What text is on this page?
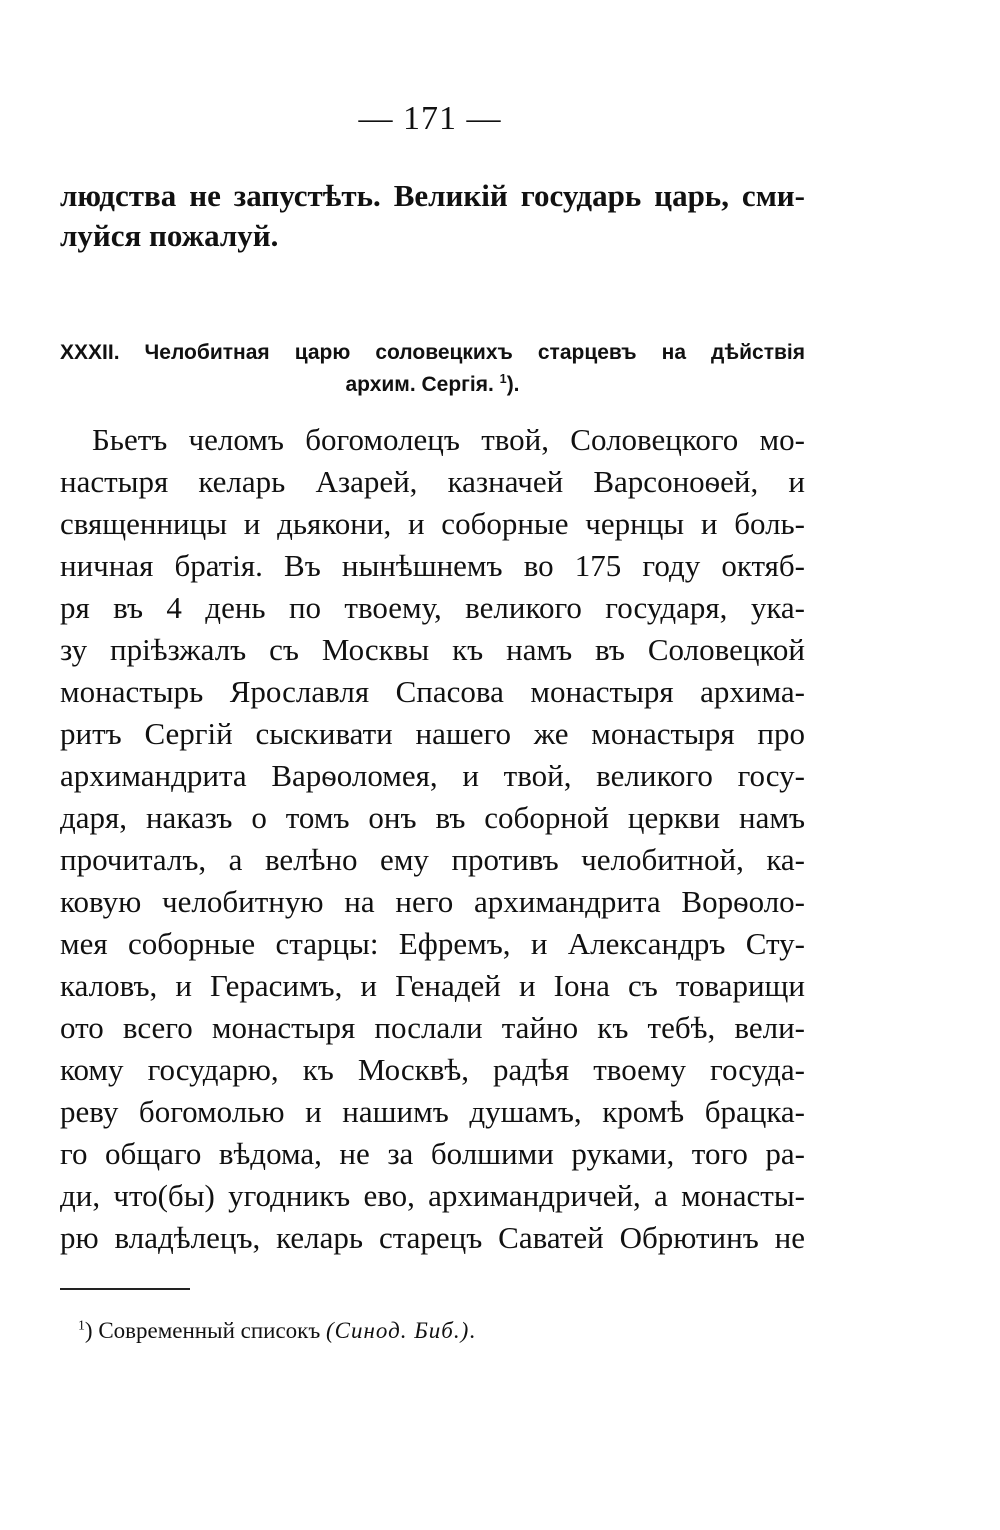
— 171 —
людства не запустѣть. Великій государь царь, сми-
луйся пожалуй.
XXXII. Челобитная царю соловецкихъ старцевъ на дѣйствія
архим. Сергія. $^1$).
Бьетъ челомъ богомолецъ твой, Соловецкого мо-
настыря келарь Азарей, казначей Варсоноѳей, и
священницы и дьякони, и соборные чернцы и боль-
ничная братія. Въ нынѣшнемъ во 175 году октяб-
ря въ 4 день по твоему, великого государя, ука-
зу пріѣзжалъ съ Москвы къ намъ въ Соловецкой
монастырь Ярославля Спасова монастыря архима-
ритъ Сергій сыскивати нашего же монастыря про
архимандрита Варѳоломея, и твой, великого госу-
даря, наказъ о томъ онъ въ соборной церкви намъ
прочиталъ, а велѣно ему противъ челобитной, ка-
ковую челобитную на него архимандрита Ворѳоло-
мея соборные старцы: Ефремъ, и Александръ Сту-
каловъ, и Герасимъ, и Генадей и Іона съ товарищи
ото всего монастыря послали тайно къ тебѣ, вели-
кому государю, къ Москвѣ, радѣя твоему госуда-
реву богомолью и нашимъ душамъ, кромѣ брацка-
го общаго вѣдома, не за болшими руками, того ра-
ди, что(бы) угодникъ ево, архимандричей, а монасты-
рю владѣлецъ, келарь старецъ Саватей Обрютинъ не
$^1$) Современный списокъ (Синод. Биб.).
